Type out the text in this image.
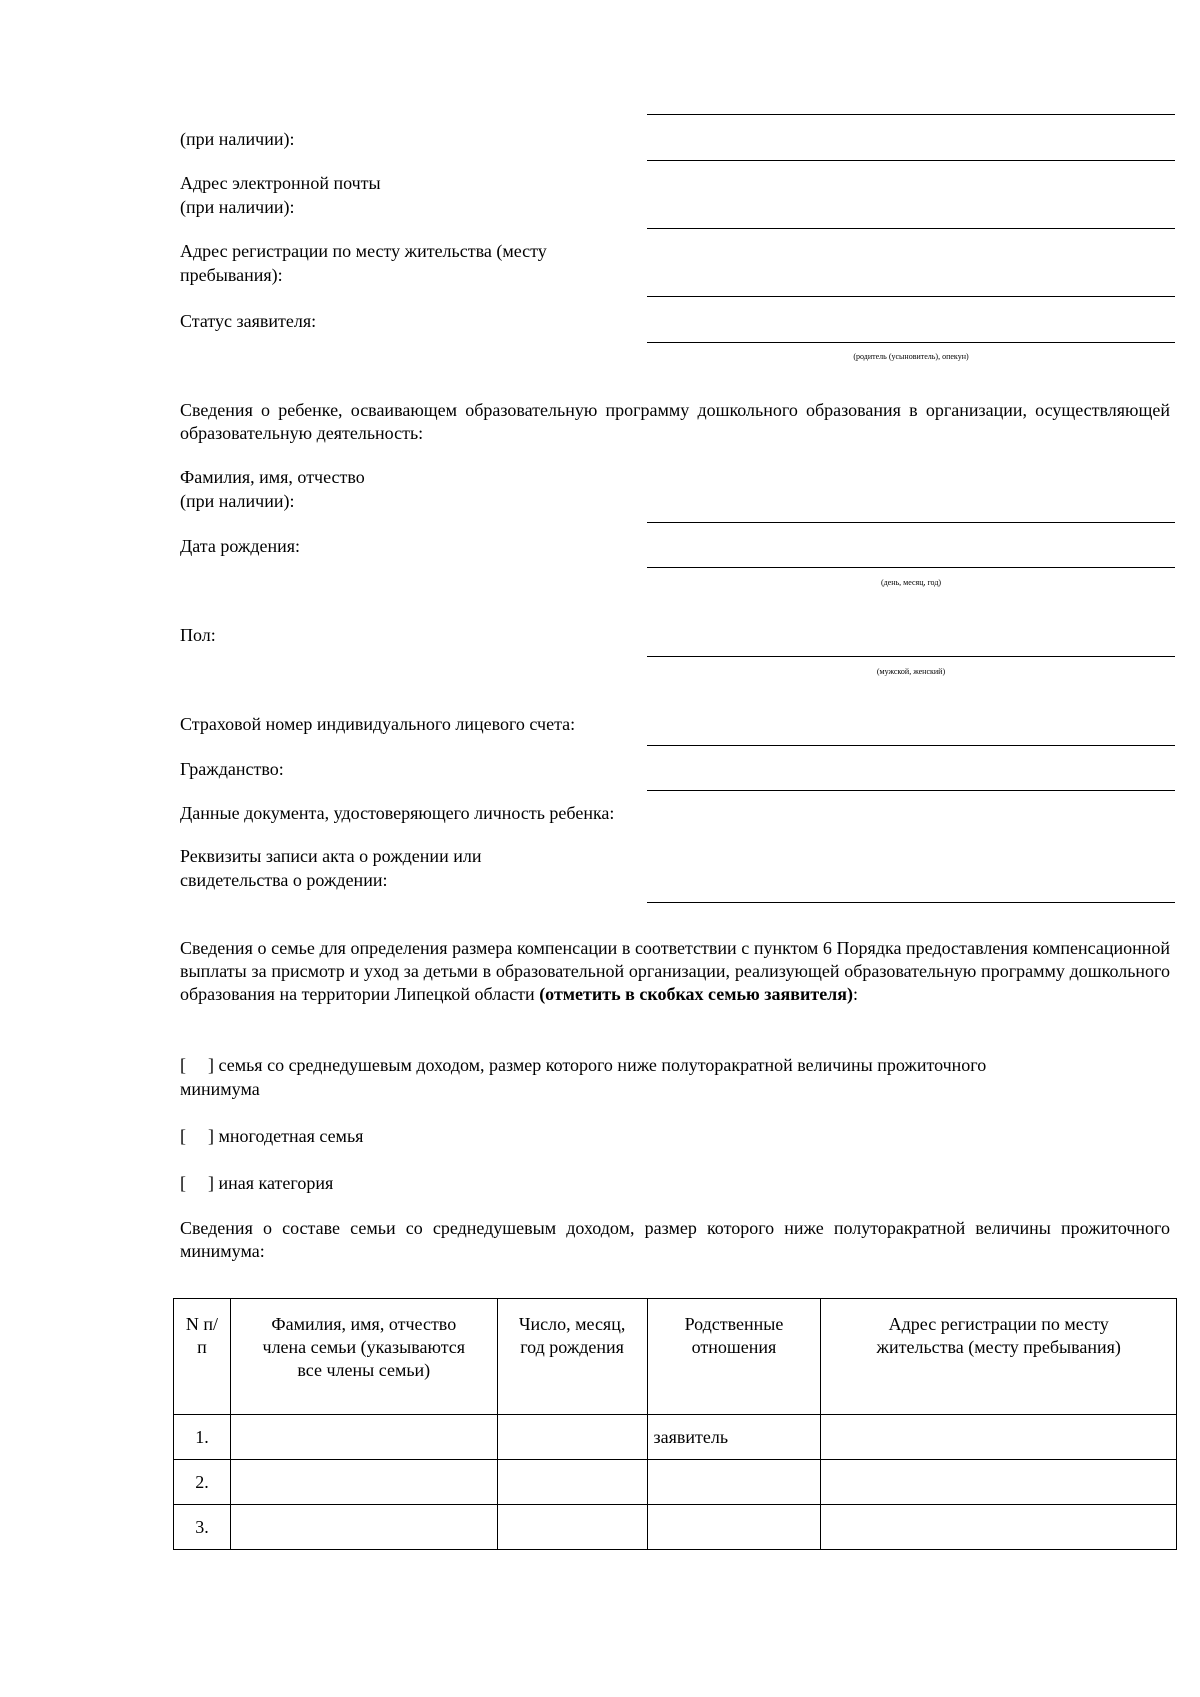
(родитель (усыновитель), опекун)
(при наличии):
Адрес электронной почты
(при наличии):
Адрес регистрации по месту жительства (месту
пребывания):
Статус заявителя:
Сведения о ребенке, осваивающем образовательную программу дошкольного образования в организации, осуществляющей образовательную деятельность:
Фамилия, имя, отчество
(при наличии):
Дата рождения:
(день, месяц, год)
Пол:
(мужской, женский)
Страховой номер индивидуального лицевого счета:
Гражданство:
Данные документа, удостоверяющего личность ребенка:
Реквизиты записи акта о рождении или
свидетельства о рождении:
Сведения о семье для определения размера компенсации в соответствии с пунктом 6 Порядка предоставления компенсационной выплаты за присмотр и уход за детьми в образовательной организации, реализующей образовательную программу дошкольного образования на территории Липецкой области (отметить в скобках семью заявителя):
[ ] семья со среднедушевым доходом, размер которого ниже полуторакратной величины прожиточного
минимума
[ ] многодетная семья
[ ] иная категория
Сведения о составе семьи со среднедушевым доходом, размер которого ниже полуторакратной величины прожиточного минимума:
N п/п	Фамилия, имя, отчество члена семьи (указываются все члены семьи)	Число, месяц, год рождения	Родственные отношения	Адрес регистрации по месту жительства (месту пребывания)
1.			заявитель	
2.				
3.				
